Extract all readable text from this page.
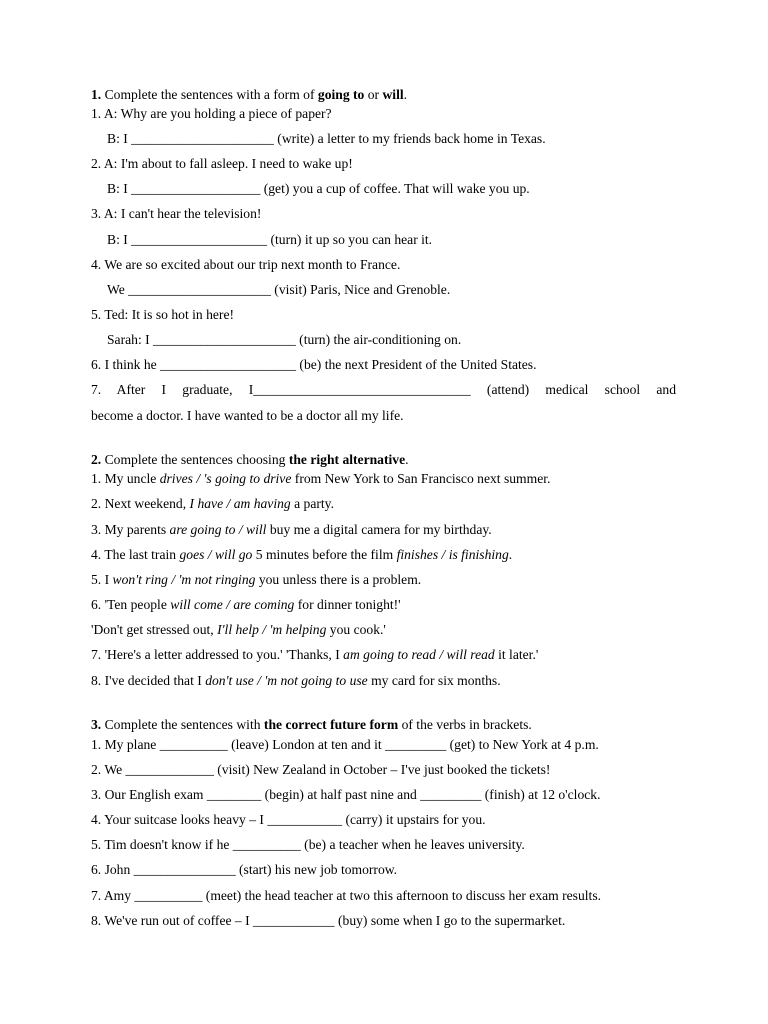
1. Complete the sentences with a form of going to or will.
1. A: Why are you holding a piece of paper?
B: I _____________________ (write) a letter to my friends back home in Texas.
2. A: I'm about to fall asleep. I need to wake up!
B: I ___________________ (get) you a cup of coffee. That will wake you up.
3. A: I can't hear the television!
B: I ____________________ (turn) it up so you can hear it.
4. We are so excited about our trip next month to France.
We _____________________ (visit) Paris, Nice and Grenoble.
5. Ted: It is so hot in here!
Sarah: I _____________________ (turn) the air-conditioning on.
6. I think he ____________________ (be) the next President of the United States.
7. After I graduate, I________________________________ (attend) medical school and
become a doctor. I have wanted to be a doctor all my life.
2. Complete the sentences choosing the right alternative.
1. My uncle drives / 's going to drive from New York to San Francisco next summer.
2. Next weekend, I have / am having a party.
3. My parents are going to / will buy me a digital camera for my birthday.
4. The last train goes / will go 5 minutes before the film finishes / is finishing.
5. I won't ring / 'm not ringing you unless there is a problem.
6. 'Ten people will come / are coming for dinner tonight!'
'Don't get stressed out, I'll help / 'm helping you cook.'
7. 'Here's a letter addressed to you.' 'Thanks, I am going to read / will read it later.'
8. I've decided that I don't use / 'm not going to use my card for six months.
3. Complete the sentences with the correct future form of the verbs in brackets.
1. My plane __________ (leave) London at ten and it _________ (get) to New York at 4 p.m.
2. We _____________ (visit) New Zealand in October – I've just booked the tickets!
3. Our English exam ________ (begin) at half past nine and _________ (finish) at 12 o'clock.
4. Your suitcase looks heavy – I ___________ (carry) it upstairs for you.
5. Tim doesn't know if he __________ (be) a teacher when he leaves university.
6. John _______________ (start) his new job tomorrow.
7. Amy __________ (meet) the head teacher at two this afternoon to discuss her exam results.
8. We've run out of coffee – I ____________ (buy) some when I go to the supermarket.
